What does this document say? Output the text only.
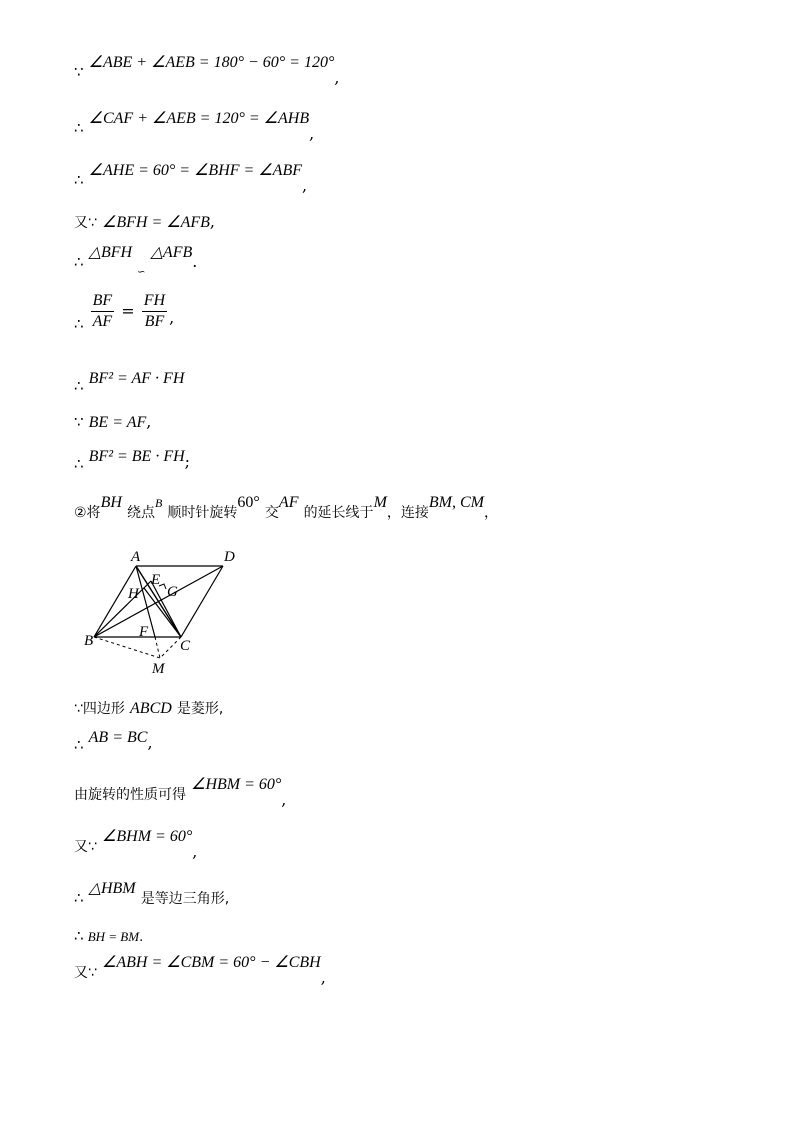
∵ ∠ABE + ∠AEB = 180° − 60° = 120°,
∴ ∠CAF + ∠AEB = 120° = ∠AHB,
∴ ∠AHE = 60° = ∠BHF = ∠ABF,
又∵ ∠BFH = ∠AFB,
∴ △BFH $_∽$ △AFB.
∴ $\frac{BF}{AF} = \frac{FH}{BF}$ ,
∴ BF² = AF · FH
∵ BE = AF,
∴ BF² = BE · FH;
②将BH 绕点$^B$ 顺时针旋转60° 交AF 的延长线于M，连接BM, CM，
A	D
E
G
H
B
F
C
M
∵四边形 ABCD 是菱形,
∴ AB = BC,
由旋转的性质可得 ∠HBM = 60°,
又∵ ∠BHM = 60°,
∴ △HBM 是等边三角形,
∴ BH = BM.
又∵ ∠ABH = ∠CBM = 60° − ∠CBH,
